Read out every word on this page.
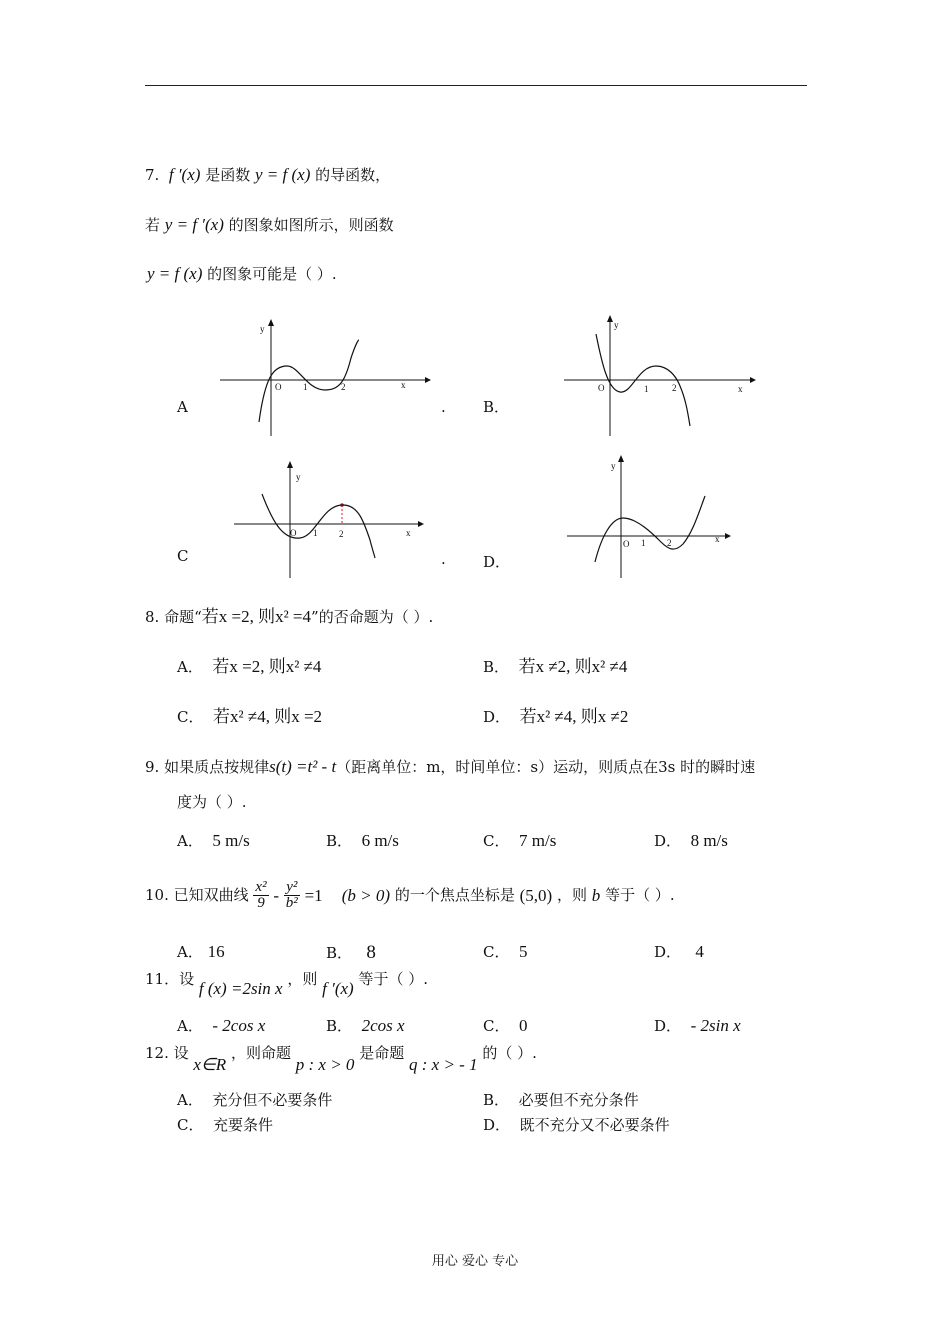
7. f ′(x) 是函数 y = f (x) 的导函数，
若 y = f ′(x) 的图象如图所示，则函数
y = f (x) 的图象可能是（ ）.
A
y
x
O 1	2
. B．
y
x
O	1	2
C
y
x
O 1 2
. D．
y
x
O 1 2
8. 命题“若x =2, 则x² =4”的否命题为（ ）.
A． 若x =2, 则x² ≠4	B． 若x ≠2, 则x² ≠4
C． 若x² ≠4, 则x =2	D． 若x² ≠4, 则x ≠2
9. 如果质点按规律s(t) =t² - t（距离单位：m，时间单位：s）运动，则质点在3s 时的瞬时速
度为（ ）.
A． 5 m/s	B． 6 m/s	C． 7 m/s	D． 8 m/s
10. 已知双曲线 $\frac{\text{x²}}{9} - \frac{\text{y²}}{\text{b²}} =1$ (b > 0) 的一个焦点坐标是 (5,0) ，则 b 等于（ ）.
A． 16	B． 8	C． 5	D． 4
11．设 f (x) =2sin x ，则 f ′(x) 等于（ ）.
A． - 2cos x	B． 2cos x	C． 0	D． - 2sin x
12. 设 x∈R ，则命题 p : x > 0 是命题 q : x > - 1 的（ ）.
A． 充分但不必要条件	B． 必要但不充分条件
C． 充要条件	D． 既不充分又不必要条件
用心 爱心 专心
